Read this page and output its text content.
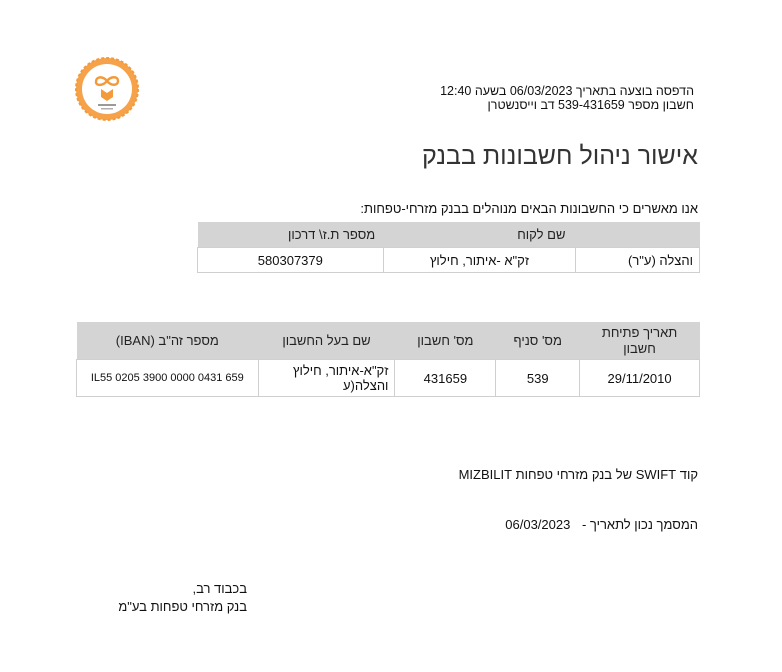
הדפסה בוצעה בתאריך 06/03/2023 בשעה 12:40
חשבון מספר 539-431659 דב וייסנשטרן
אישור ניהול חשבונות בבנק
אנו מאשרים כי החשבונות הבאים מנוהלים בבנק מזרחי-טפחות:
שם לקוח		מספר ת.ז\ דרכון
והצלה (ע"ר)	זק"א -איתור, חילוץ	580307379
תאריך פתיחת חשבון	מס' סניף	מס' חשבון	שם בעל החשבון	מספר זה"ב (IBAN)
29/11/2010	539	431659	זק"א-איתור, חילוץ והצלה(ע	IL55 0205 3900 0000 0431 659
קוד SWIFT של בנק מזרחי טפחות MIZBILIT
המסמך נכון לתאריך - 06/03/2023
בכבוד רב,
בנק מזרחי טפחות בע"מ
